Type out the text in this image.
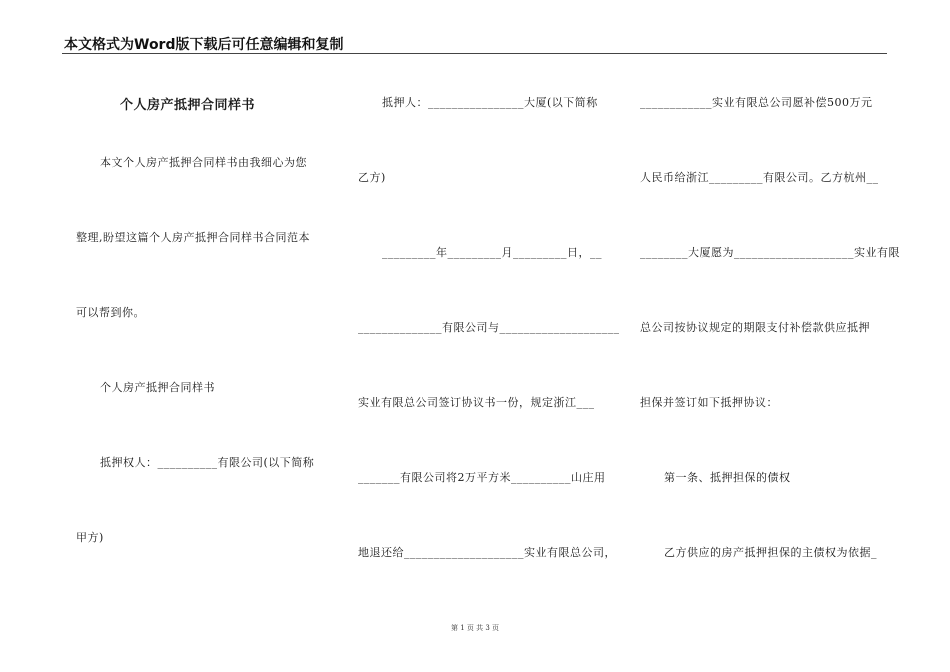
本文格式为Word版下载后可任意编辑和复制
个人房产抵押合同样书
本文个人房产抵押合同样书由我细心为您
整理,盼望这篇个人房产抵押合同样书合同范本
可以帮到你。
个人房产抵押合同样书
抵押权人：__________有限公司(以下简称
甲方)
抵押人：________________大厦(以下简称
乙方)
_________年_________月_________日，__
______________有限公司与____________________
实业有限总公司签订协议书一份，规定浙江___
_______有限公司将2万平方米__________山庄用
地退还给____________________实业有限总公司，
____________实业有限总公司愿补偿500万元
人民币给浙江_________有限公司。乙方杭州__
________大厦愿为____________________实业有限
总公司按协议规定的期限支付补偿款供应抵押
担保并签订如下抵押协议：
第一条、抵押担保的债权
乙方供应的房产抵押担保的主债权为依据_
第 1 页 共 3 页
